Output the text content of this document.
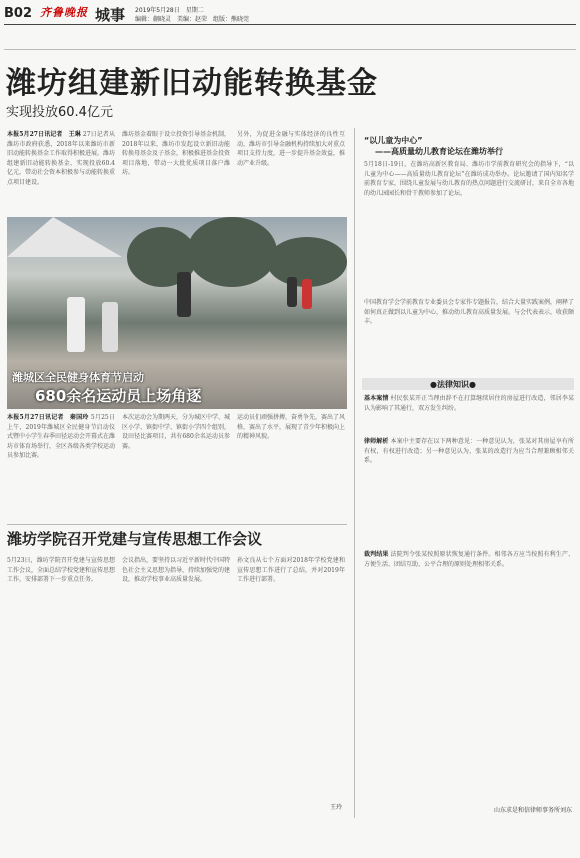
B02 齐鲁晚报 城事 2019年5月28日　星期二
编辑：蒯晓灵　美编：赵荣　组版：熊晓莞
潍坊组建新旧动能转换基金
实现投放60.4亿元
本报5月27日讯记者　王琳 27日记者从潍坊市政府获悉，2018年以来潍坊市新旧动能转换基金工作取得积极进展，潍坊组建新旧动能转换基金，实现投放60.4亿元，带动社会资本积极参与动能转换重点项目建设。
潍坊基金着眼于设立投资引导基金机制，2018年以来，潍坊市发起设立新旧动能转换母基金及子基金，积极推进基金投资项目落地，带动一大批优质项目落户潍坊。
另外，为促进金融与实体经济的良性互动，潍坊市引导金融机构持续加大对重点项目支持力度，进一步提升基金效益，推动产业升级。
潍城区全民健身体育节启动
680余名运动员上场角逐
本报5月27日讯记者　秦国玲 5月25日上午，2019年潍城区全民健身节启动仪式暨中小学生春季田径运动会开幕式在潍坊市体育场举行，全区各级各类学校运动员参加比赛。
本次运动会为期两天，分为城区中学、城区小学、镇街中学、镇街小学四个组别，设田径比赛项目，共有680余名运动员参赛。
运动员们顽强拼搏，奋勇争先，赛出了风格，赛出了水平，展现了青少年积极向上的精神风貌。
潍坊学院召开党建与宣传思想工作会议
5月23日，潍坊学院召开党建与宣传思想工作会议，全面总结学校党建和宣传思想工作，安排部署下一步重点任务。
会议指出，要坚持以习近平新时代中国特色社会主义思想为指导，持续加强党的建设，推动学校事业高质量发展。
孙文良从七个方面对2018年学校党建和宣传思想工作进行了总结，并对2019年工作进行部署。
王玲
“以儿童为中心”
——高质量幼儿教育论坛在潍坊举行
5月18日-19日，在潍坊高新区教育局、潍坊市学前教育研究会的指导下，“以儿童为中心——高质量幼儿教育论坛”在潍坊成功举办。论坛邀请了国内知名学前教育专家，围绕儿童发展与幼儿教育的热点问题进行交流研讨，来自全市各地的幼儿园园长和骨干教师参加了论坛。
中国教育学会学前教育专业委员会专家作专题报告，结合大量实践案例，阐释了如何真正做到以儿童为中心，推动幼儿教育高质量发展。与会代表表示，收获颇丰。
●法律知识●
基本案情 村民张某开正当理由辞不在打算继续居住的房屋进行改造，邻居李某认为影响了其通行，双方发生纠纷。
律师解析 本案中主要存在以下两种意见：一种意见认为，张某对其房屋享有所有权，有权进行改造；另一种意见认为，张某的改造行为应当合理兼顾相邻关系。
裁判结果 法院判令张某按照原状恢复通行条件。相邻各方应当按照有利生产、方便生活、团结互助、公平合理的原则处理相邻关系。
山东求是和信律师事务所刘东
